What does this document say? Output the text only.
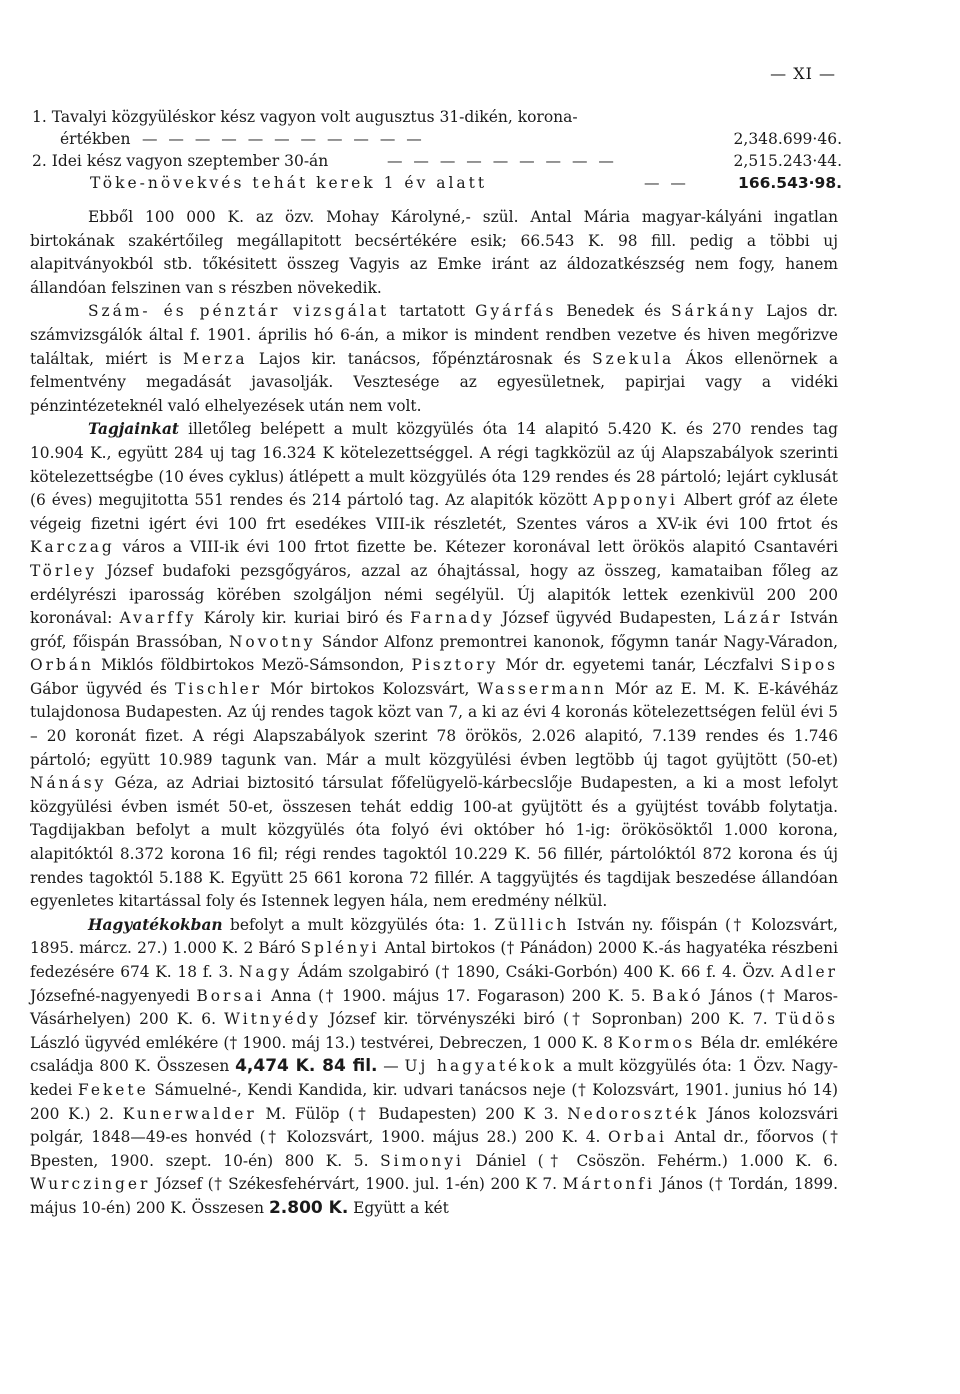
— XI —
1. Tavalyi közgyüléskor kész vagyon volt augusztus 31-dikén, korona-
értékben — — — — — — — — — — —	2,348.699·46.
2. Idei kész vagyon szeptember 30-án	— — — — — — — — —	2,515.243·44.
Töke-növekvés tehát kerek 1 év alatt	— —	166.543·98.

Ebből 100 000 K. az özv. Mohay Károlyné,- szül. Antal Mária magyar-kályáni ingatlan birtokának szakértőileg megállapitott becsértékére esik; 66.543 K. 98 fill. pedig a többi uj alapitványokból stb. tőkésitett összeg Vagyis az Emke iránt az áldozatkészség nem fogy, hanem állandóan felszinen van s részben növekedik.

Szám- és pénztár vizsgálat tartatott Gyárfás Benedek és Sárkány Lajos dr. számvizsgálók által f. 1901. április hó 6-án, a mikor is mindent rendben vezetve és hiven megőrizve találtak, miért is Merza Lajos kir. tanácsos, főpénztárosnak és Szekula Ákos ellenörnek a felmentvény megadását javasolják. Vesztesége az egyesületnek, papirjai vagy a vidéki pénzintézeteknél való elhelyezések után nem volt.

Tagjainkat illetőleg belépett a mult közgyülés óta 14 alapitó 5.420 K. és 270 rendes tag 10.904 K., együtt 284 uj tag 16.324 K kötelezettséggel. A régi tagkközül az új Alapszabályok szerinti kötelezettségbe (10 éves cyklus) átlépett a mult közgyülés óta 129 rendes és 28 pártoló; lejárt cyklusát (6 éves) megujitotta 551 rendes és 214 pártoló tag. Az alapitók között Apponyi Albert gróf az élete végeig fizetni igért évi 100 frt esedékes VIII-ik részletét, Szentes város a XV-ik évi 100 frtot és Karczag város a VIII-ik évi 100 frtot fizette be. Kétezer koronával lett örökös alapitó Csantavéri Törley József budafoki pezsgőgyáros, azzal az óhajtással, hogy az összeg, kamataiban főleg az erdélyrészi iparosság körében szolgáljon némi segélyül. Új alapitók lettek ezenkivül 200 200 koronával: Avarffy Károly kir. kuriai biró és Farnady József ügyvéd Budapesten, Lázár István gróf, főispán Brassóban, Novotny Sándor Alfonz premontrei kanonok, főgymn tanár Nagy-Váradon, Orbán Miklós földbirtokos Mezö-Sámsondon, Pisztory Mór dr. egyetemi tanár, Léczfalvi Sipos Gábor ügyvéd és Tischler Mór birtokos Kolozsvárt, Wassermann Mór az E. M. K. E-kávéház tulajdonosa Budapesten. Az új rendes tagok közt van 7, a ki az évi 4 koronás kötelezettségen felül évi 5 – 20 koronát fizet. A régi Alapszabályok szerint 78 örökös, 2.026 alapitó, 7.139 rendes és 1.746 pártoló; együtt 10.989 tagunk van. Már a mult közgyülési évben legtöbb új tagot gyüjtött (50-et) Nánásy Géza, az Adriai biztositó társulat főfelügyelö-kárbecslője Budapesten, a ki a most lefolyt közgyülési évben ismét 50-et, összesen tehát eddig 100-at gyüjtött és a gyüjtést tovább folytatja. Tagdijakban befolyt a mult közgyülés óta folyó évi október hó 1-ig: örökösöktől 1.000 korona, alapitóktól 8.372 korona 16 fil; régi rendes tagoktól 10.229 K. 56 fillér, pártolóktól 872 korona és új rendes tagoktól 5.188 K. Együtt 25 661 korona 72 fillér. A taggyüjtés és tagdijak beszedése állandóan egyenletes kitartással foly és Istennek legyen hála, nem eredmény nélkül.

Hagyatékokban befolyt a mult közgyülés óta: 1. Züllich István ny. főispán († Kolozsvárt, 1895. márcz. 27.) 1.000 K. 2 Báró Splényi Antal birtokos († Pánádon) 2000 K.-ás hagyatéka részbeni fedezésére 674 K. 18 f. 3. Nagy Ádám szolgabiró († 1890, Csáki-Gorbón) 400 K. 66 f. 4. Özv. Adler Józsefné-nagyenyedi Borsai Anna († 1900. május 17. Fogarason) 200 K. 5. Bakó János († Maros-Vásárhelyen) 200 K. 6. Witnyédy József kir. törvényszéki biró († Sopronban) 200 K. 7. Tüdös László ügyvéd emlékére († 1900. máj 13.) testvérei, Debreczen, 1 000 K. 8 Kormos Béla dr. emlékére családja 800 K. Összesen 4,474 K. 84 fil. — Uj hagyatékok a mult közgyülés óta: 1 Özv. Nagy-kedei Fekete Sámuelné-, Kendi Kandida, kir. udvari tanácsos neje († Kolozsvárt, 1901. junius hó 14) 200 K.) 2. Kunerwalder M. Fülöp († Budapesten) 200 K 3. Nedoroszték János kolozsvári polgár, 1848—49-es honvéd († Kolozsvárt, 1900. május 28.) 200 K. 4. Orbai Antal dr., főorvos († Bpesten, 1900. szept. 10-én) 800 K. 5. Simonyi Dániel († Csöszön. Fehérm.) 1.000 K. 6. Wurczinger József († Székesfehérvárt, 1900. jul. 1-én) 200 K 7. Mártonfi János († Tordán, 1899. május 10-én) 200 K. Összesen 2.800 K. Együtt a két
